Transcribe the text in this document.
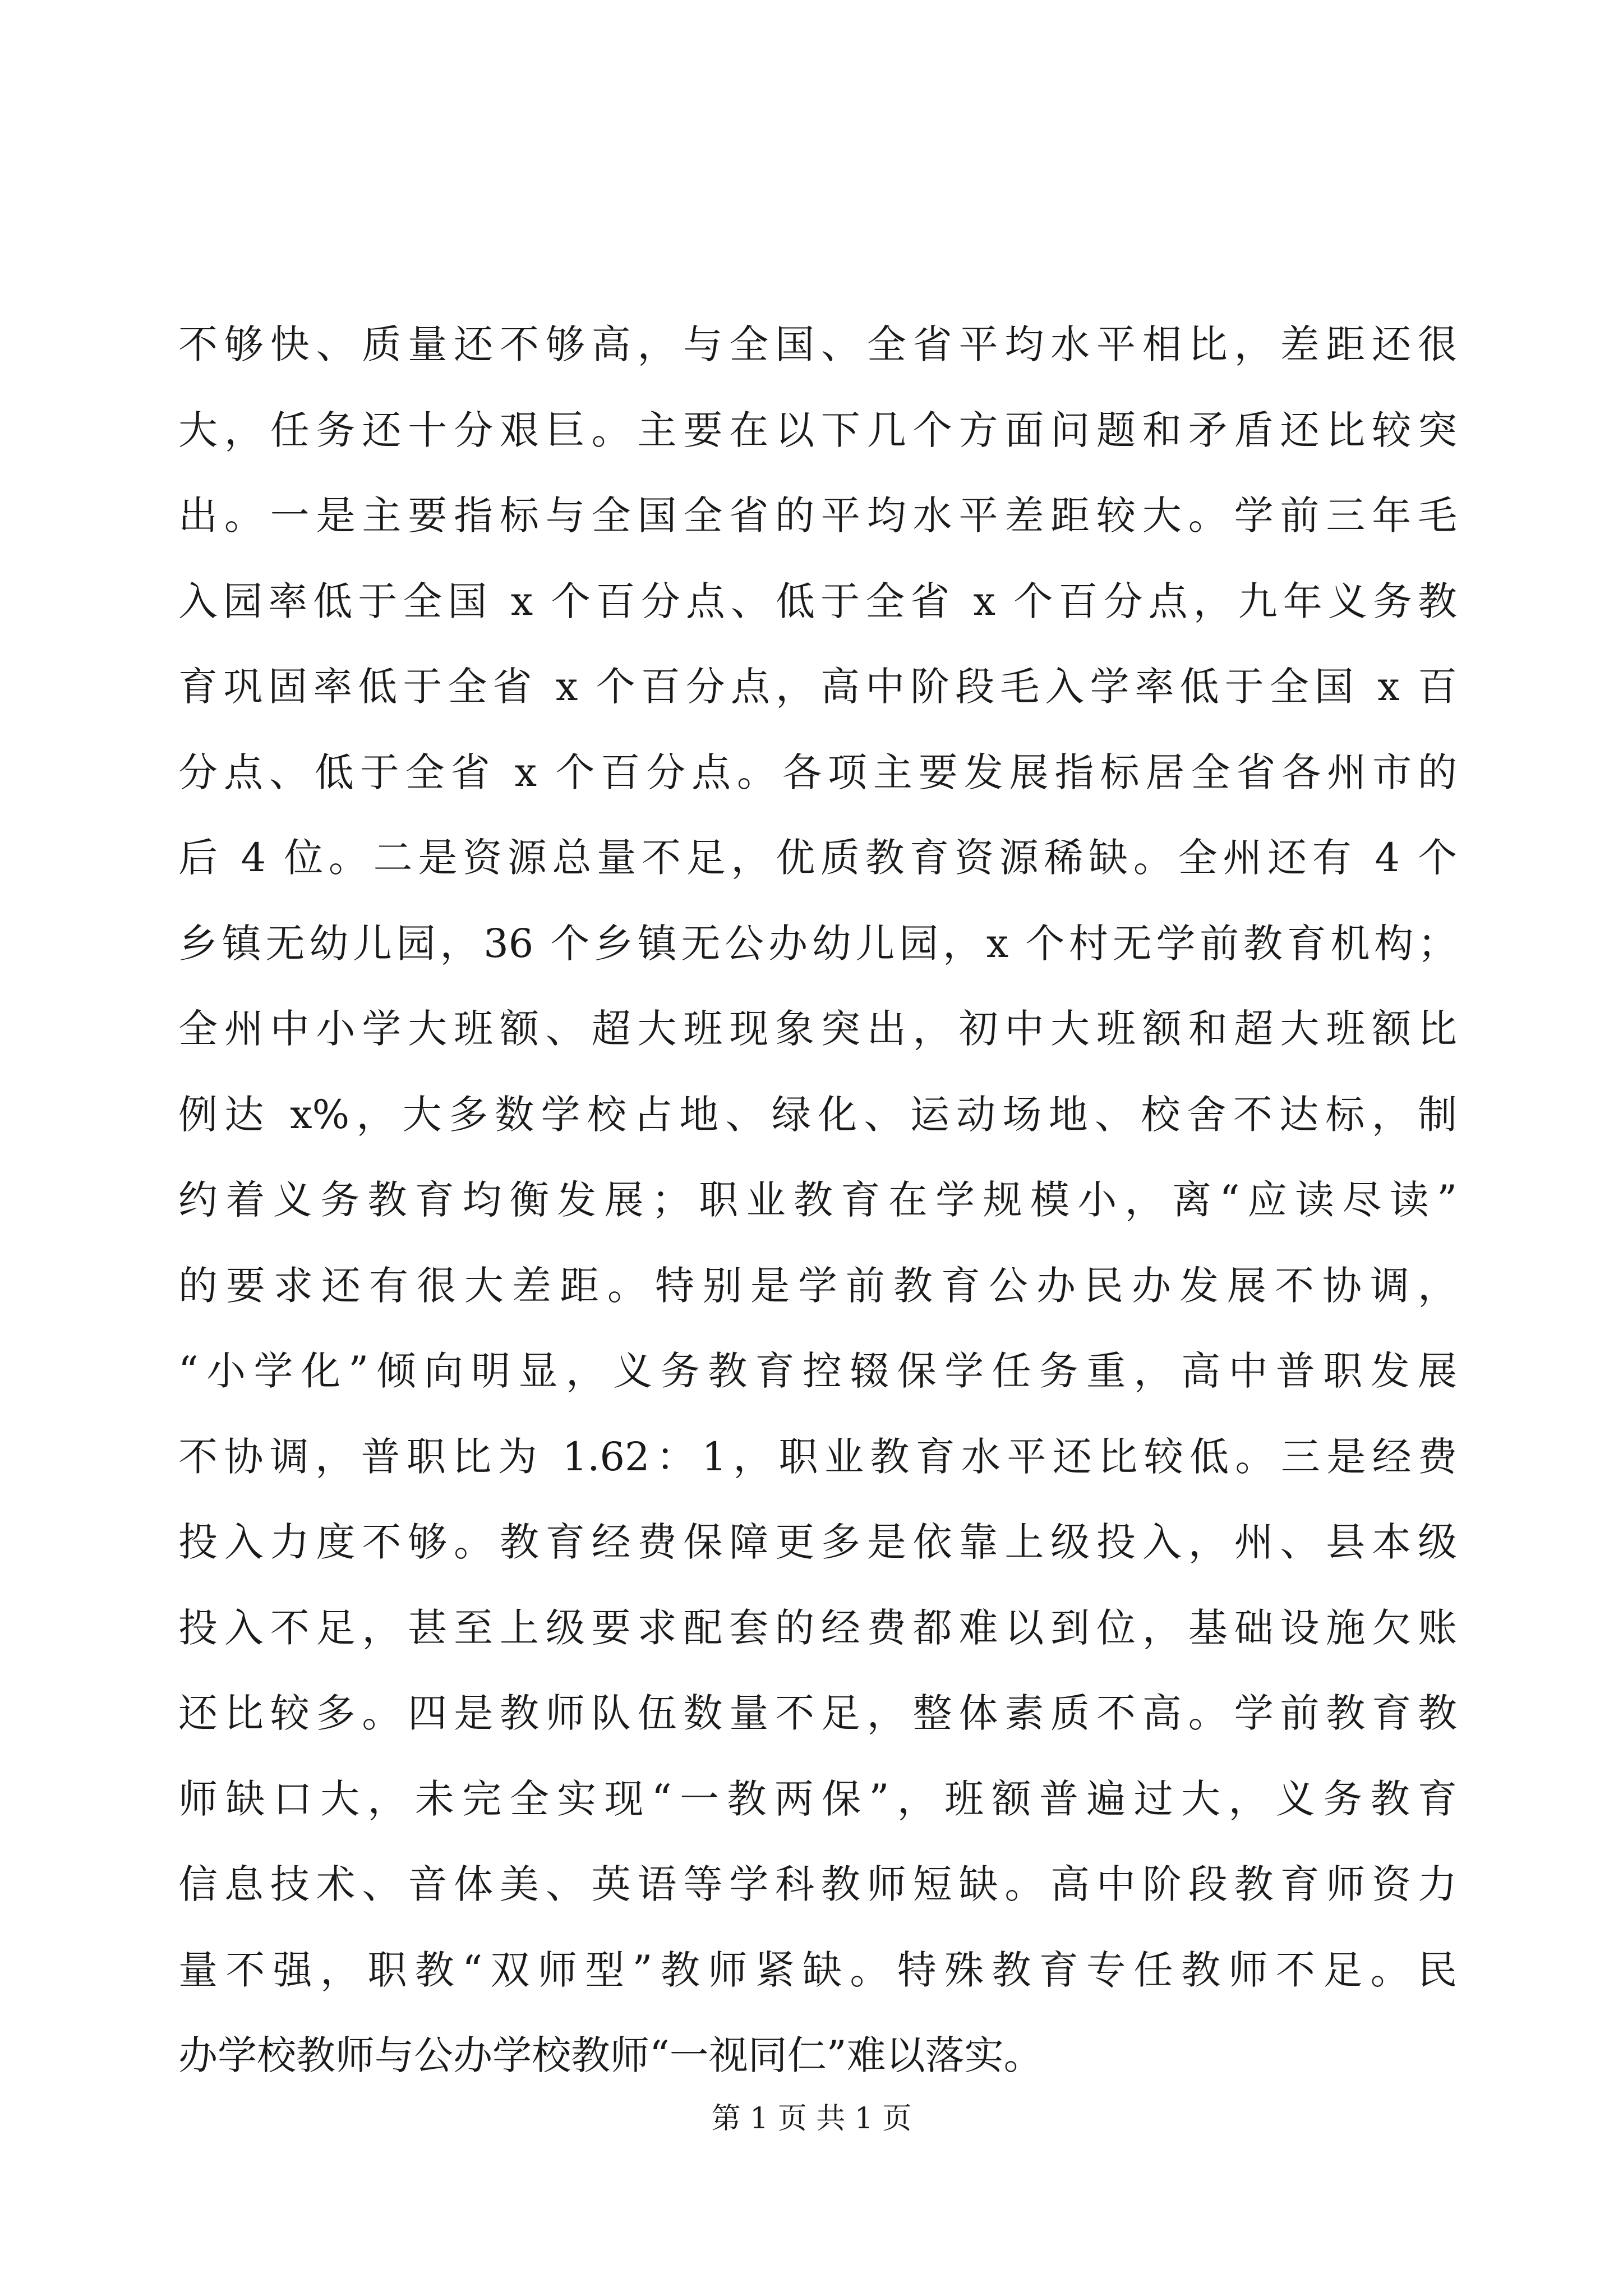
不够快、质量还不够高，与全国、全省平均水平相比，差距还很
大，任务还十分艰巨。主要在以下几个方面问题和矛盾还比较突
出。一是主要指标与全国全省的平均水平差距较大。学前三年毛
入园率低于全国 x 个百分点、低于全省 x 个百分点，九年义务教
育巩固率低于全省 x 个百分点，高中阶段毛入学率低于全国 x 百
分点、低于全省 x 个百分点。各项主要发展指标居全省各州市的
后 4 位。二是资源总量不足，优质教育资源稀缺。全州还有 4 个
乡镇无幼儿园，36 个乡镇无公办幼儿园，x 个村无学前教育机构；
全州中小学大班额、超大班现象突出，初中大班额和超大班额比
例达 x%，大多数学校占地、绿化、运动场地、校舍不达标，制
约着义务教育均衡发展；职业教育在学规模小，离“应读尽读”
的要求还有很大差距。特别是学前教育公办民办发展不协调，
“小学化”倾向明显，义务教育控辍保学任务重，高中普职发展
不协调，普职比为 1.62：1，职业教育水平还比较低。三是经费
投入力度不够。教育经费保障更多是依靠上级投入，州、县本级
投入不足，甚至上级要求配套的经费都难以到位，基础设施欠账
还比较多。四是教师队伍数量不足，整体素质不高。学前教育教
师缺口大，未完全实现“一教两保”，班额普遍过大，义务教育
信息技术、音体美、英语等学科教师短缺。高中阶段教育师资力
量不强，职教“双师型”教师紧缺。特殊教育专任教师不足。民
办学校教师与公办学校教师“一视同仁”难以落实。
第 1 页 共 1 页
